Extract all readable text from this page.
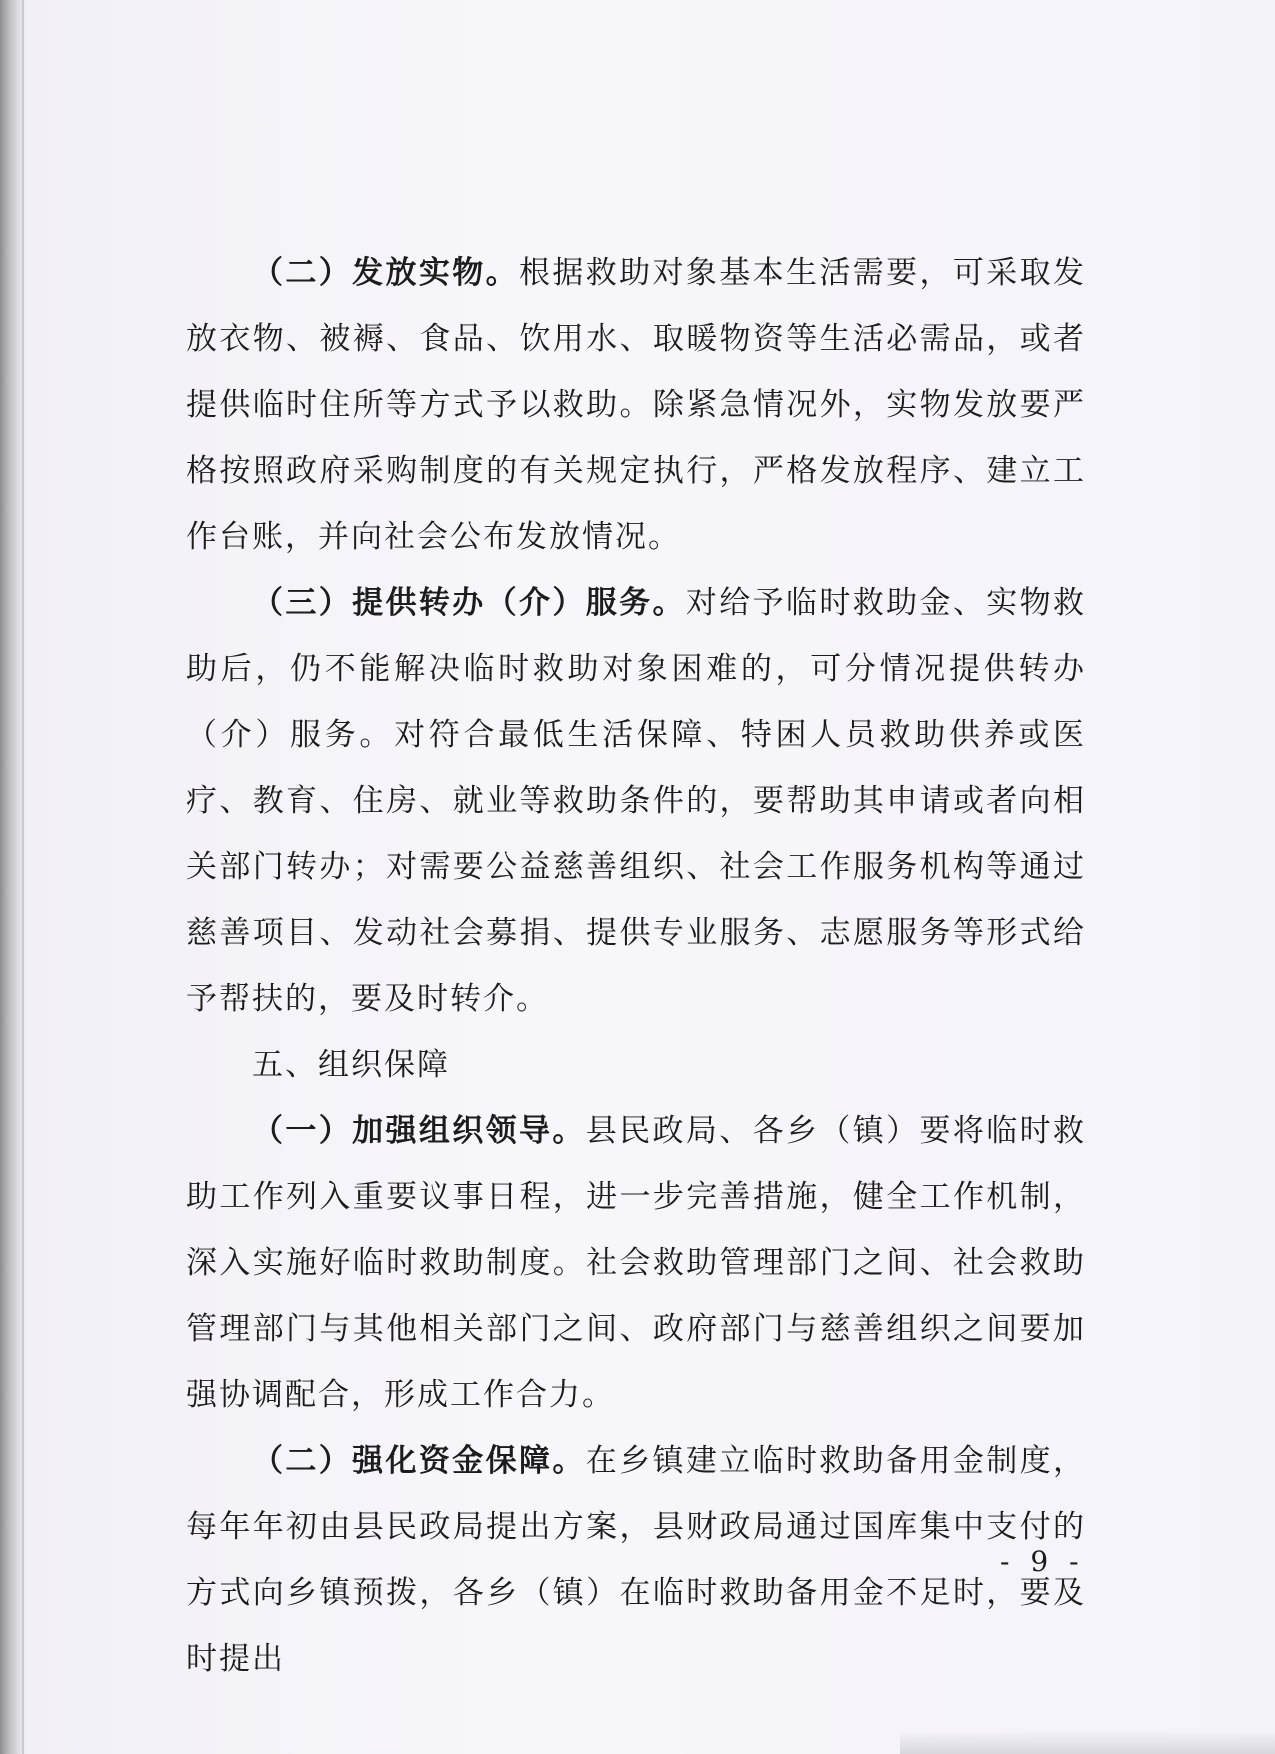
（二）发放实物。根据救助对象基本生活需要，可采取发放衣物、被褥、食品、饮用水、取暖物资等生活必需品，或者提供临时住所等方式予以救助。除紧急情况外，实物发放要严格按照政府采购制度的有关规定执行，严格发放程序、建立工作台账，并向社会公布发放情况。

（三）提供转办（介）服务。对给予临时救助金、实物救助后，仍不能解决临时救助对象困难的，可分情况提供转办（介）服务。对符合最低生活保障、特困人员救助供养或医疗、教育、住房、就业等救助条件的，要帮助其申请或者向相关部门转办；对需要公益慈善组织、社会工作服务机构等通过慈善项目、发动社会募捐、提供专业服务、志愿服务等形式给予帮扶的，要及时转介。

五、组织保障

（一）加强组织领导。县民政局、各乡（镇）要将临时救助工作列入重要议事日程，进一步完善措施，健全工作机制，深入实施好临时救助制度。社会救助管理部门之间、社会救助管理部门与其他相关部门之间、政府部门与慈善组织之间要加强协调配合，形成工作合力。

（二）强化资金保障。在乡镇建立临时救助备用金制度，每年年初由县民政局提出方案，县财政局通过国库集中支付的方式向乡镇预拨，各乡（镇）在临时救助备用金不足时，要及时提出

- 9 -
